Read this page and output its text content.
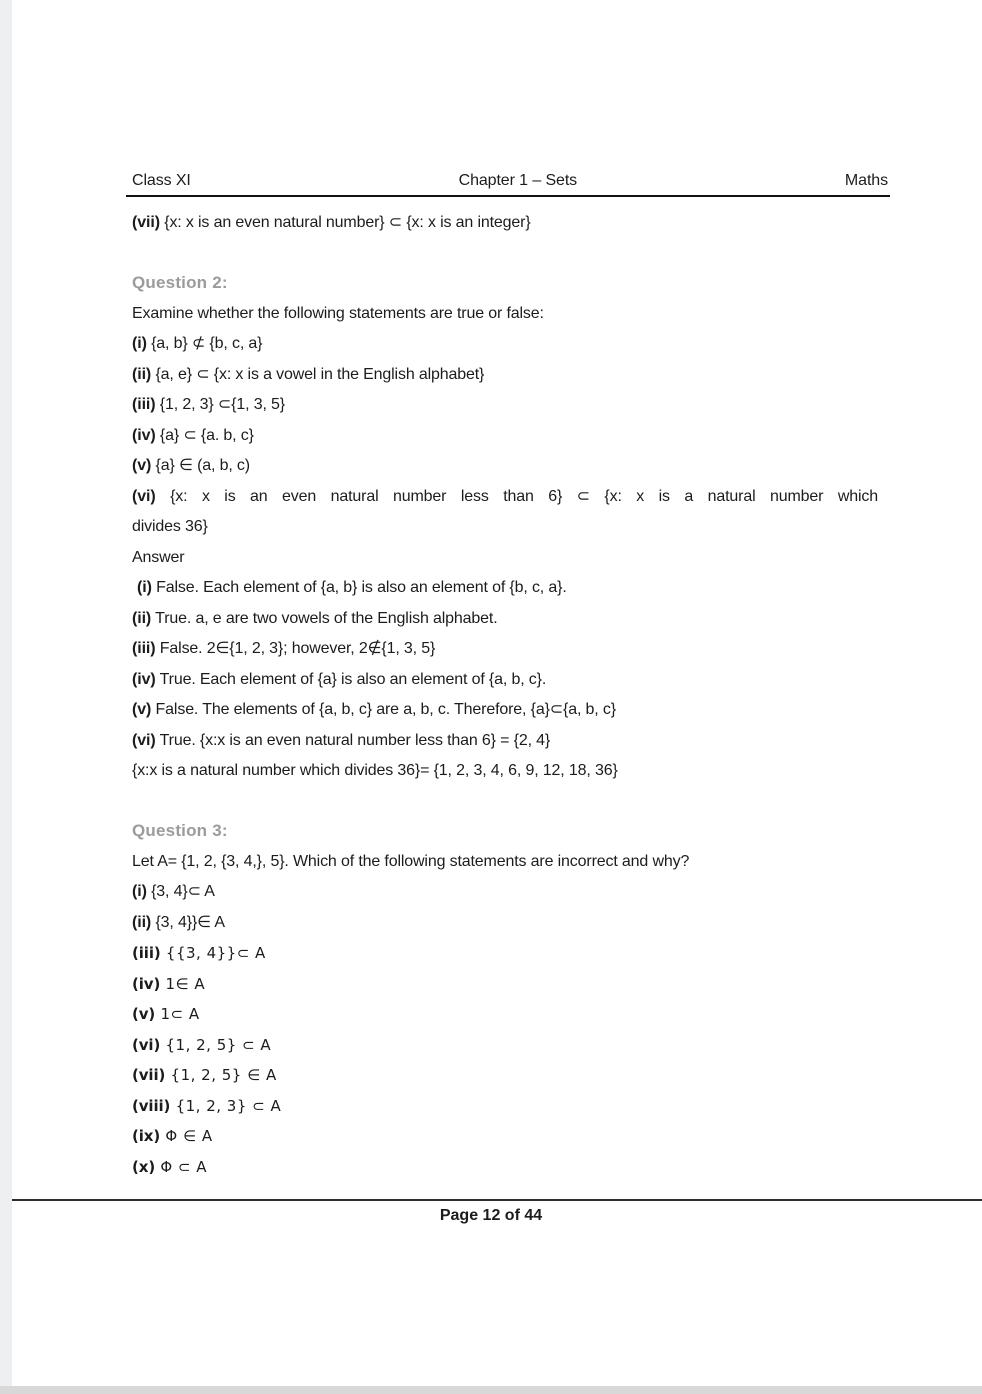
Class XI	Chapter 1 – Sets	Maths
(vii) {x: x is an even natural number} ⊂ {x: x is an integer}
Question 2:
Examine whether the following statements are true or false:
(i) {a, b} ⊄ {b, c, a}
(ii) {a, e} ⊂ {x: x is a vowel in the English alphabet}
(iii) {1, 2, 3} ⊂{1, 3, 5}
(iv) {a} ⊂ {a. b, c}
(v) {a} ∈ (a, b, c)
(vi) {x: x is an even natural number less than 6} ⊂ {x: x is a natural number which
divides 36}
Answer
(i) False. Each element of {a, b} is also an element of {b, c, a}.
(ii) True. a, e are two vowels of the English alphabet.
(iii) False. 2∈{1, 2, 3}; however, 2∉{1, 3, 5}
(iv) True. Each element of {a} is also an element of {a, b, c}.
(v) False. The elements of {a, b, c} are a, b, c. Therefore, {a}⊂{a, b, c}
(vi) True. {x:x is an even natural number less than 6} = {2, 4}
{x:x is a natural number which divides 36}= {1, 2, 3, 4, 6, 9, 12, 18, 36}
Question 3:
Let A= {1, 2, {3, 4,}, 5}. Which of the following statements are incorrect and why?
(i) {3, 4}⊂ A
(ii) {3, 4}}∈ A
(iii) {{3, 4}}⊂ A
(iv) 1∈ A
(v) 1⊂ A
(vi) {1, 2, 5} ⊂ A
(vii) {1, 2, 5} ∈ A
(viii) {1, 2, 3} ⊂ A
(ix) Φ ∈ A
(x) Φ ⊂ A
Page 12 of 44
